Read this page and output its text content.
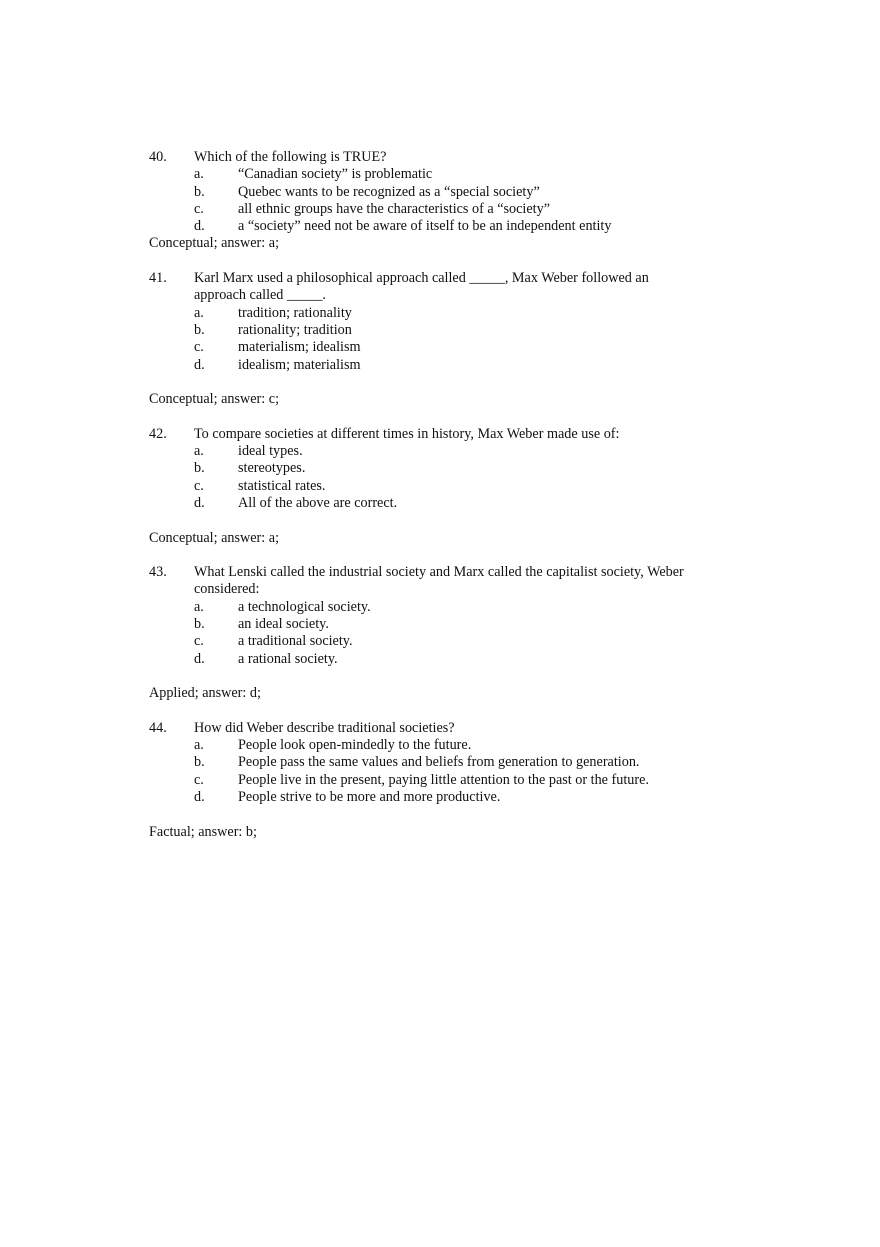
40. Which of the following is TRUE?
a. “Canadian society” is problematic
b. Quebec wants to be recognized as a “special society”
c. all ethnic groups have the characteristics of a “society”
d. a “society” need not be aware of itself to be an independent entity
Conceptual; answer: a;
41. Karl Marx used a philosophical approach called _____, Max Weber followed an
approach called _____.
a. tradition; rationality
b. rationality; tradition
c. materialism; idealism
d. idealism; materialism
Conceptual; answer: c;
42. To compare societies at different times in history, Max Weber made use of:
a. ideal types.
b. stereotypes.
c. statistical rates.
d. All of the above are correct.
Conceptual; answer: a;
43. What Lenski called the industrial society and Marx called the capitalist society, Weber
considered:
a. a technological society.
b. an ideal society.
c. a traditional society.
d. a rational society.
Applied; answer: d;
44. How did Weber describe traditional societies?
a. People look open-mindedly to the future.
b. People pass the same values and beliefs from generation to generation.
c. People live in the present, paying little attention to the past or the future.
d. People strive to be more and more productive.
Factual; answer: b;
